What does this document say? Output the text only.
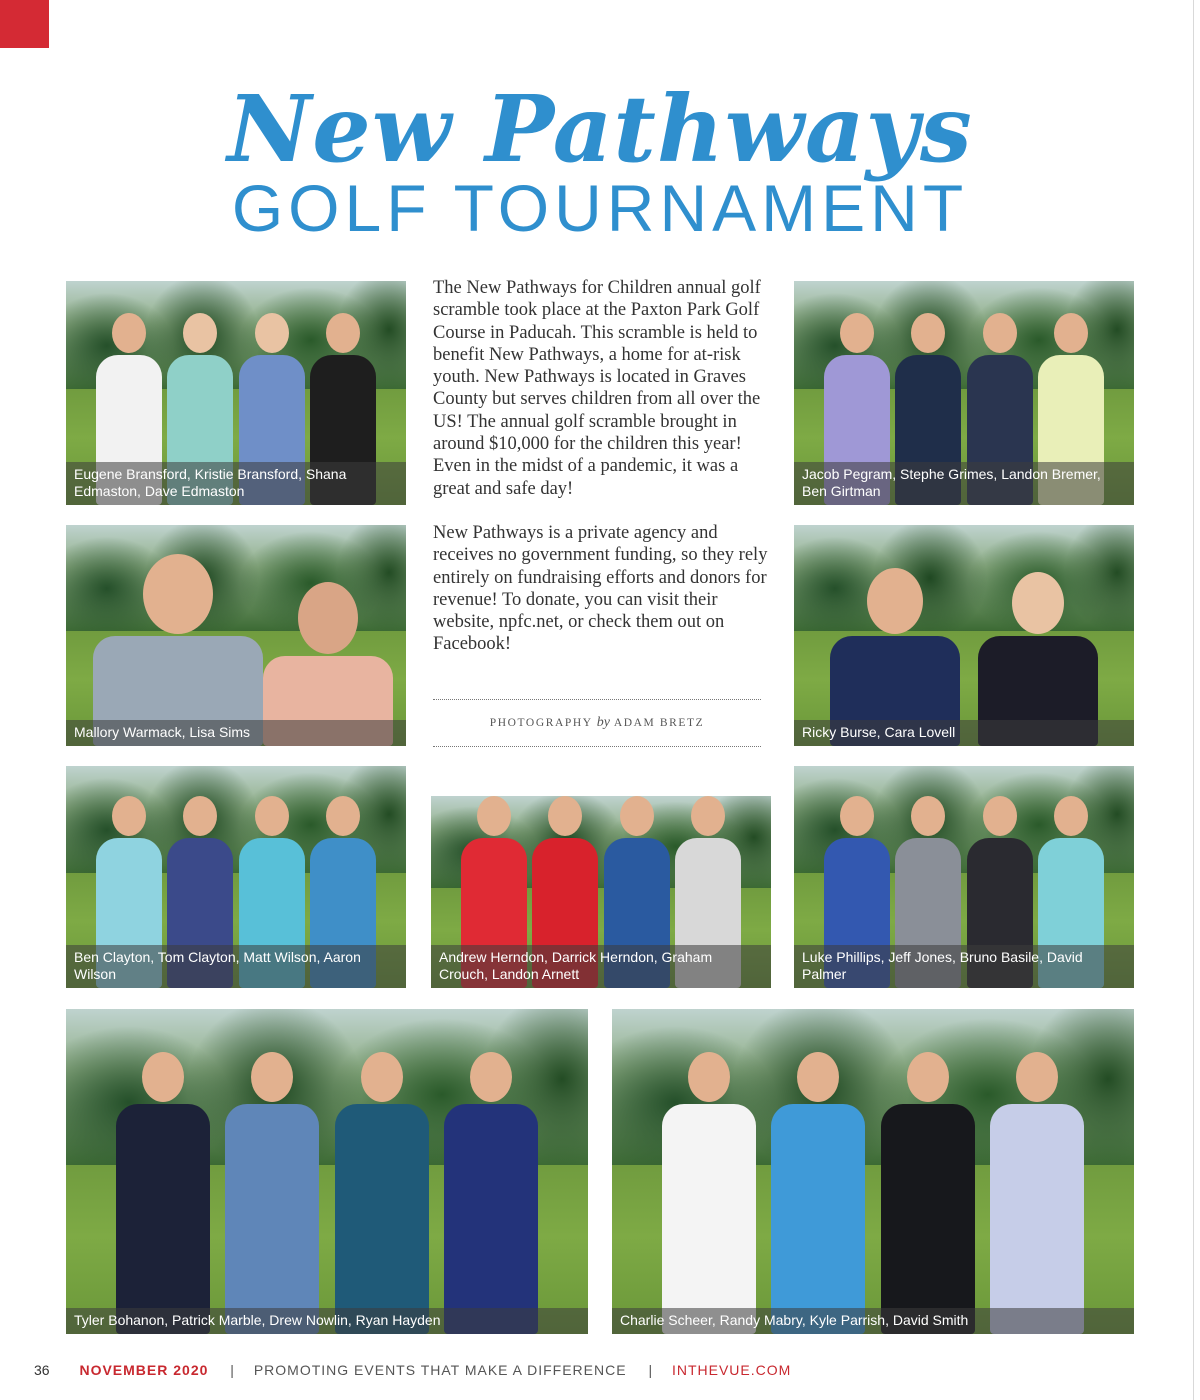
New Pathways
GOLF TOURNAMENT
Eugene Bransford, Kristie Bransford, Shana Edmaston, Dave Edmaston
Jacob Pegram, Stephe Grimes, Landon Bremer, Ben Girtman
Mallory Warmack, Lisa Sims	Ricky Burse, Cara Lovell
Ben Clayton, Tom Clayton, Matt Wilson, Aaron Wilson
Andrew Herndon, Darrick Herndon, Graham Crouch, Landon Arnett
Luke Phillips, Jeff Jones, Bruno Basile, David Palmer
Tyler Bohanon, Patrick Marble, Drew Nowlin, Ryan Hayden	Charlie Scheer, Randy Mabry, Kyle Parrish, David Smith

The New Pathways for Children annual golf scramble took place at the Paxton Park Golf Course in Paducah. This scramble is held to benefit New Pathways, a home for at-risk youth. New Pathways is located in Graves County but serves children from all over the US! The annual golf scramble brought in around $10,000 for the children this year! Even in the midst of a pandemic, it was a great and safe day!

New Pathways is a private agency and receives no government funding, so they rely entirely on fundraising efforts and donors for revenue! To donate, you can visit their website, npfc.net, or check them out on Facebook!

PHOTOGRAPHY by ADAM BRETZ
36 NOVEMBER 2020 | PROMOTING EVENTS THAT MAKE A DIFFERENCE | INTHEVUE.COM
